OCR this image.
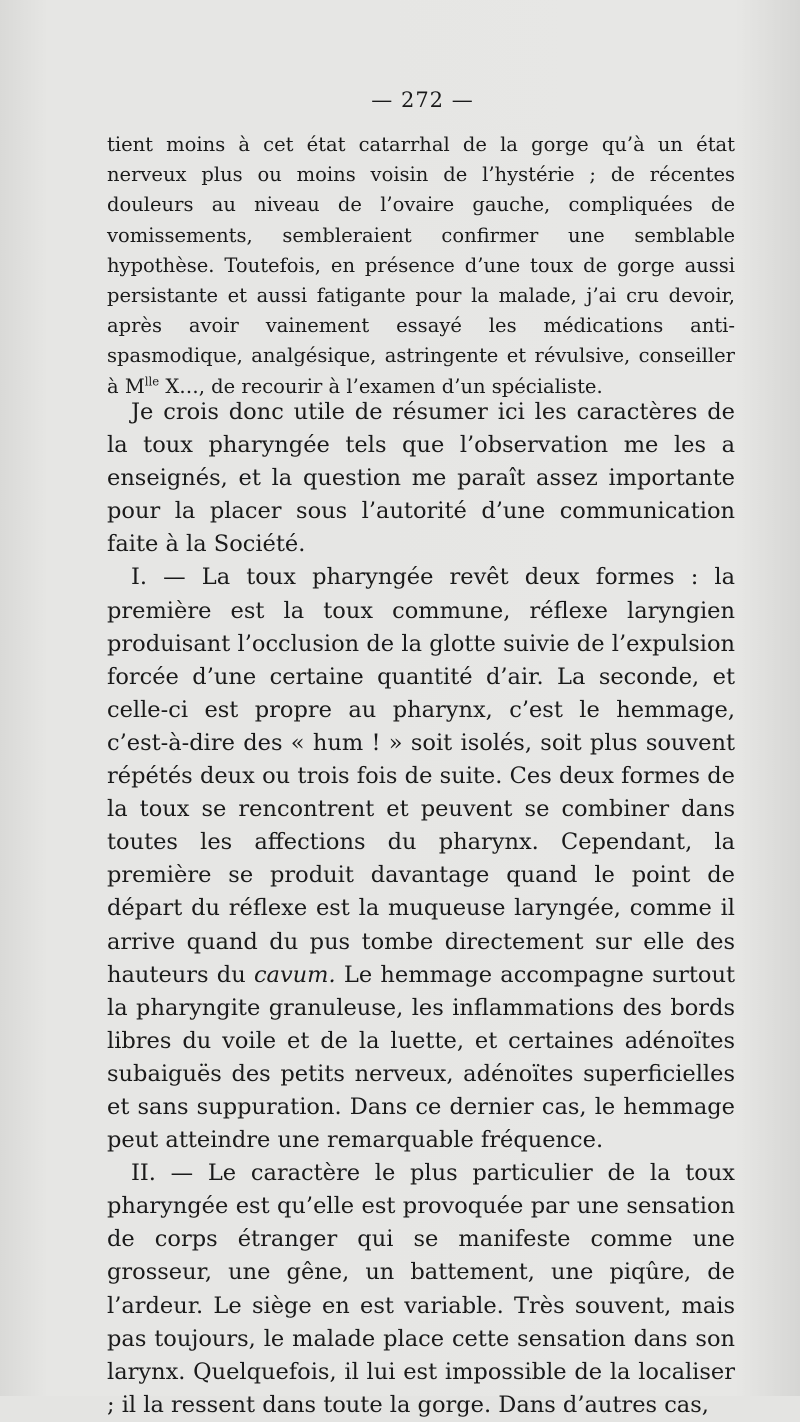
— 272 —

tient moins à cet état catarrhal de la gorge qu’à un état nerveux plus ou moins voisin de l’hystérie ; de récentes douleurs au niveau de l’ovaire gauche, compliquées de vomissements, sembleraient confirmer une semblable hypothèse. Toutefois, en présence d’une toux de gorge aussi persistante et aussi fatigante pour la malade, j’ai cru devoir, après avoir vainement essayé les médications anti-spasmodique, analgésique, astringente et révulsive, conseiller à $M^{lle}$ X…, de recourir à l’examen d’un spécialiste.

Je crois donc utile de résumer ici les caractères de la toux pharyngée tels que l’observation me les a enseignés, et la question me paraît assez importante pour la placer sous l’autorité d’une communication faite à la Société.

I. — La toux pharyngée revêt deux formes : la première est la toux commune, réflexe laryngien produisant l’occlusion de la glotte suivie de l’expulsion forcée d’une certaine quantité d’air. La seconde, et celle-ci est propre au pharynx, c’est le hemmage, c’est-à-dire des « hum ! » soit isolés, soit plus souvent répétés deux ou trois fois de suite. Ces deux formes de la toux se rencontrent et peuvent se combiner dans toutes les affections du pharynx. Cependant, la première se produit davantage quand le point de départ du réflexe est la muqueuse laryngée, comme il arrive quand du pus tombe directement sur elle des hauteurs du cavum. Le hemmage accompagne surtout la pharyngite granuleuse, les inflammations des bords libres du voile et de la luette, et certaines adénoïtes subaiguës des petits nerveux, adénoïtes superficielles et sans suppuration. Dans ce dernier cas, le hemmage peut atteindre une remarquable fréquence.

II. — Le caractère le plus particulier de la toux pharyngée est qu’elle est provoquée par une sensation de corps étranger qui se manifeste comme une grosseur, une gêne, un battement, une piqûre, de l’ardeur. Le siège en est variable. Très souvent, mais pas toujours, le malade place cette sensation dans son larynx. Quelquefois, il lui est impossible de la localiser ; il la ressent dans toute la gorge. Dans d’autres cas,
